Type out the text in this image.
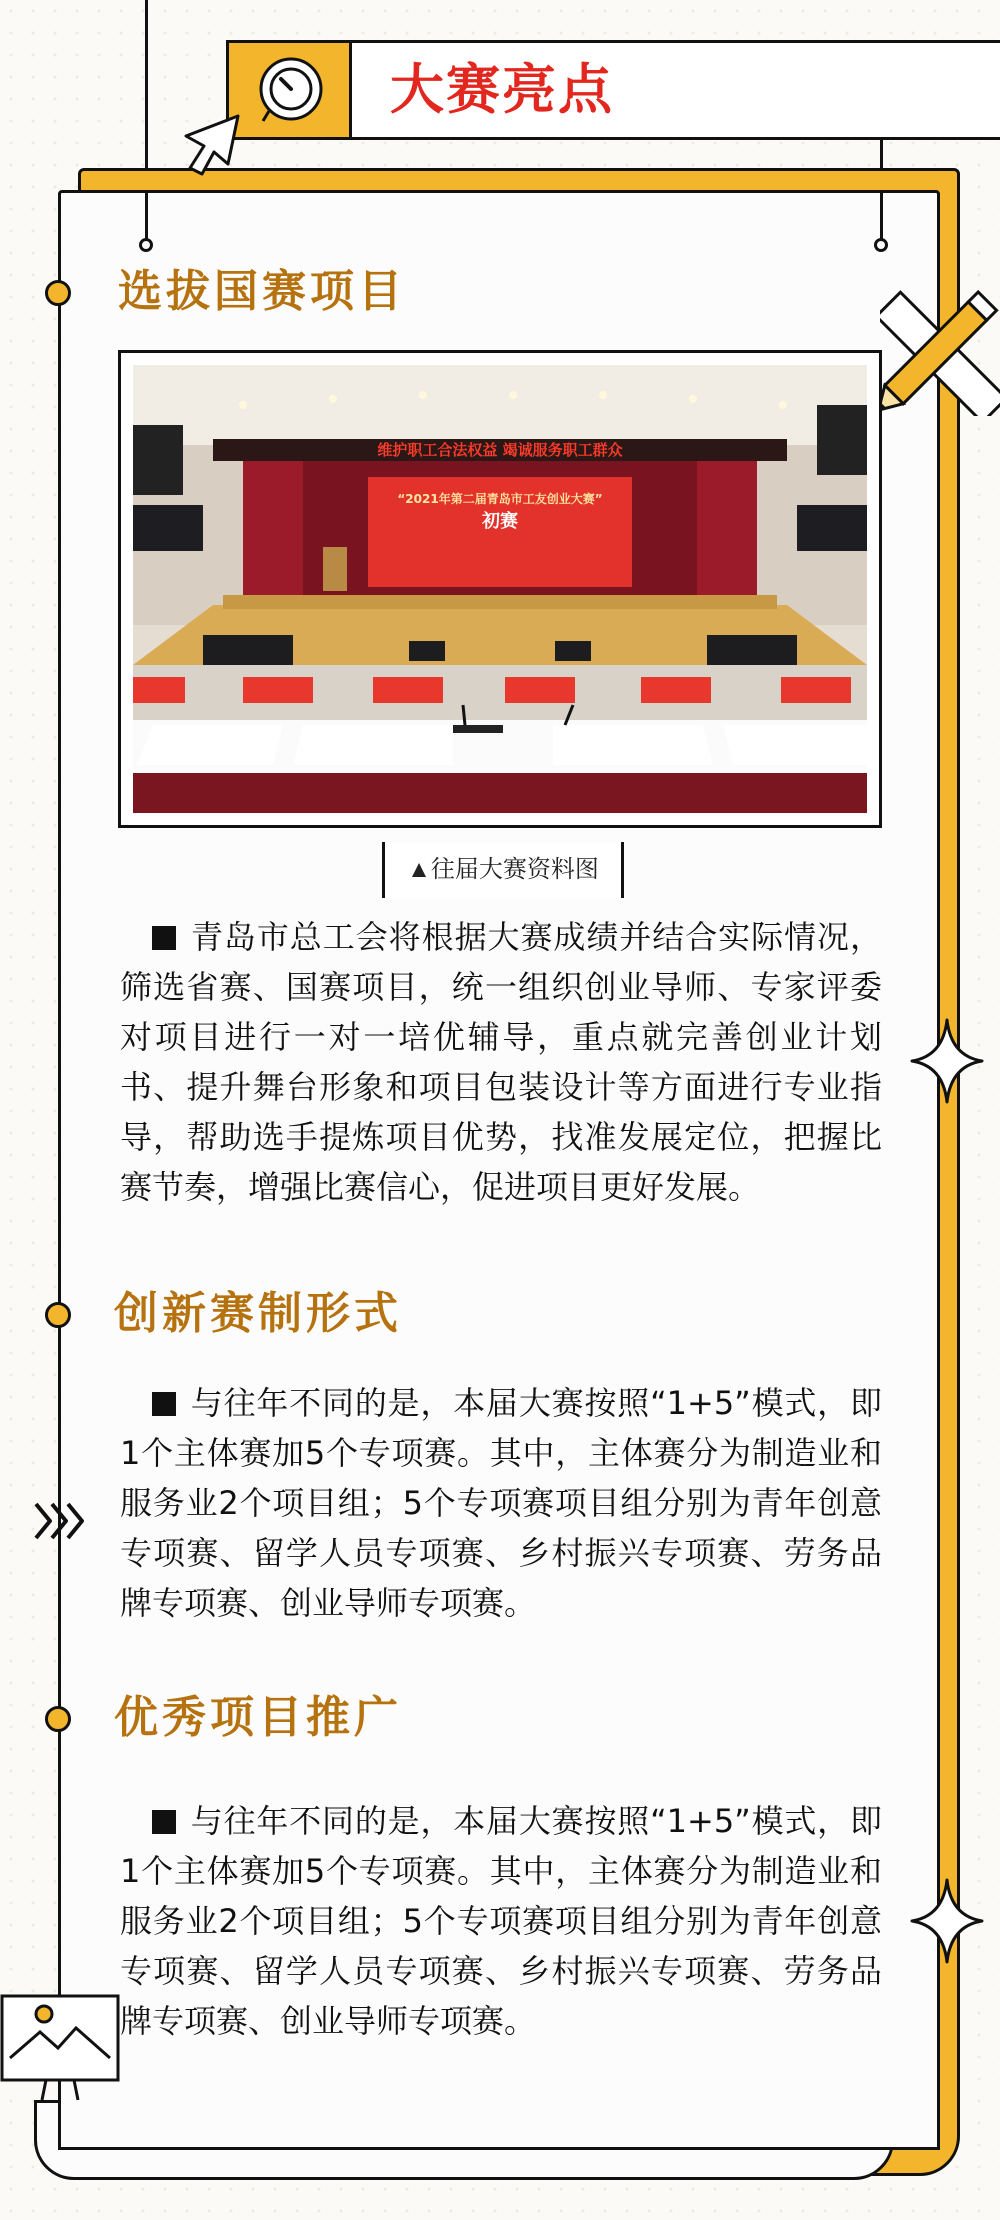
大赛亮点
选拔国赛项目
维护职工合法权益 竭诚服务职工群众
“2021年第二届青岛市工友创业大赛”
初赛
▲往届大赛资料图

青岛市总工会将根据大赛成绩并结合实际情况，筛选省赛、国赛项目，统一组织创业导师、专家评委对项目进行一对一培优辅导，重点就完善创业计划书、提升舞台形象和项目包装设计等方面进行专业指导，帮助选手提炼项目优势，找准发展定位，把握比赛节奏，增强比赛信心，促进项目更好发展。

创新赛制形式

与往年不同的是，本届大赛按照“1+5”模式，即1个主体赛加5个专项赛。其中，主体赛分为制造业和服务业2个项目组；5个专项赛项目组分别为青年创意专项赛、留学人员专项赛、乡村振兴专项赛、劳务品牌专项赛、创业导师专项赛。

优秀项目推广

与往年不同的是，本届大赛按照“1+5”模式，即1个主体赛加5个专项赛。其中，主体赛分为制造业和服务业2个项目组；5个专项赛项目组分别为青年创意专项赛、留学人员专项赛、乡村振兴专项赛、劳务品牌专项赛、创业导师专项赛。
